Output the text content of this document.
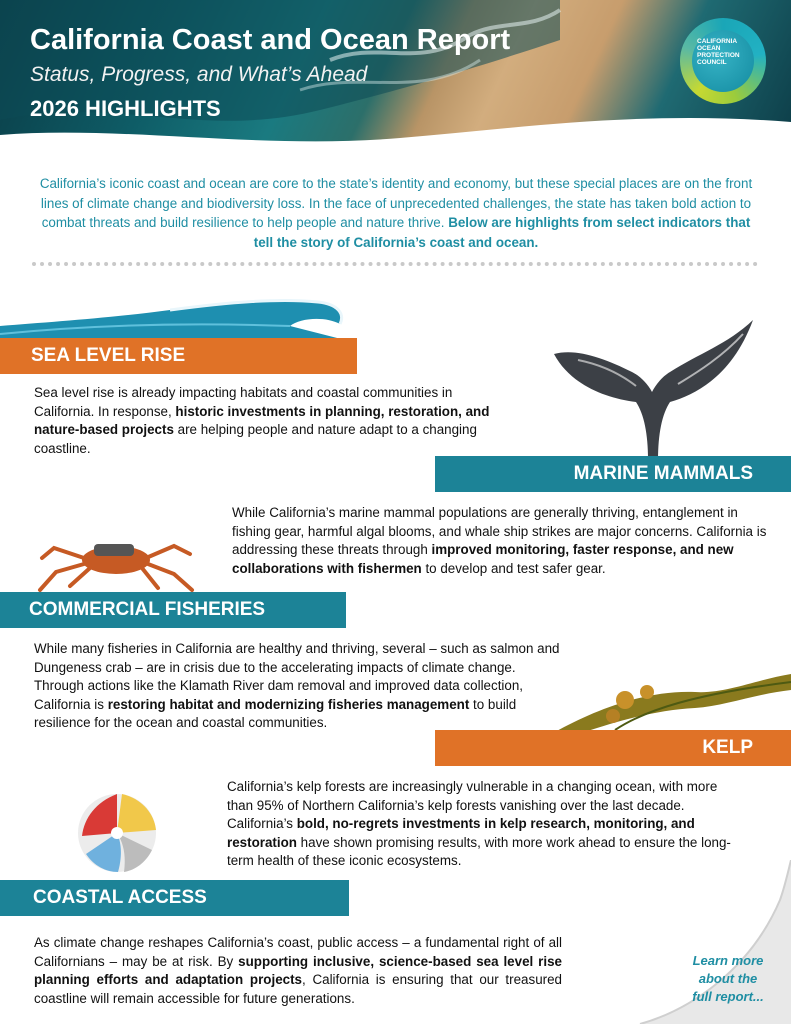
California Coast and Ocean Report
Status, Progress, and What’s Ahead
2026 HIGHLIGHTS
CALIFORNIA
OCEAN
PROTECTION
COUNCIL
California’s iconic coast and ocean are core to the state’s identity and economy, but these special places are on the front lines of climate change and biodiversity loss. In the face of unprecedented challenges, the state has taken bold action to combat threats and build resilience to help people and nature thrive. Below are highlights from select indicators that tell the story of California’s coast and ocean.
SEA LEVEL RISE
Sea level rise is already impacting habitats and coastal communities in California. In response, historic investments in planning, restoration, and nature-based projects are helping people and nature adapt to a changing coastline.
MARINE MAMMALS
While California’s marine mammal populations are generally thriving, entanglement in fishing gear, harmful algal blooms, and whale ship strikes are major concerns. California is addressing these threats through improved monitoring, faster response, and new collaborations with fishermen to develop and test safer gear.
COMMERCIAL FISHERIES
While many fisheries in California are healthy and thriving, several – such as salmon and Dungeness crab – are in crisis due to the accelerating impacts of climate change. Through actions like the Klamath River dam removal and improved data collection, California is restoring habitat and modernizing fisheries management to build resilience for the ocean and coastal communities.
KELP
California’s kelp forests are increasingly vulnerable in a changing ocean, with more than 95% of Northern California’s kelp forests vanishing over the last decade. California’s bold, no-regrets investments in kelp research, monitoring, and restoration have shown promising results, with more work ahead to ensure the long-term health of these iconic ecosystems.
COASTAL ACCESS
As climate change reshapes California’s coast, public access – a fundamental right of all Californians – may be at risk. By supporting inclusive, science-based sea level rise planning efforts and adaptation projects, California is ensuring that our treasured coastline will remain accessible for future generations.
Learn more
about the
full report...
